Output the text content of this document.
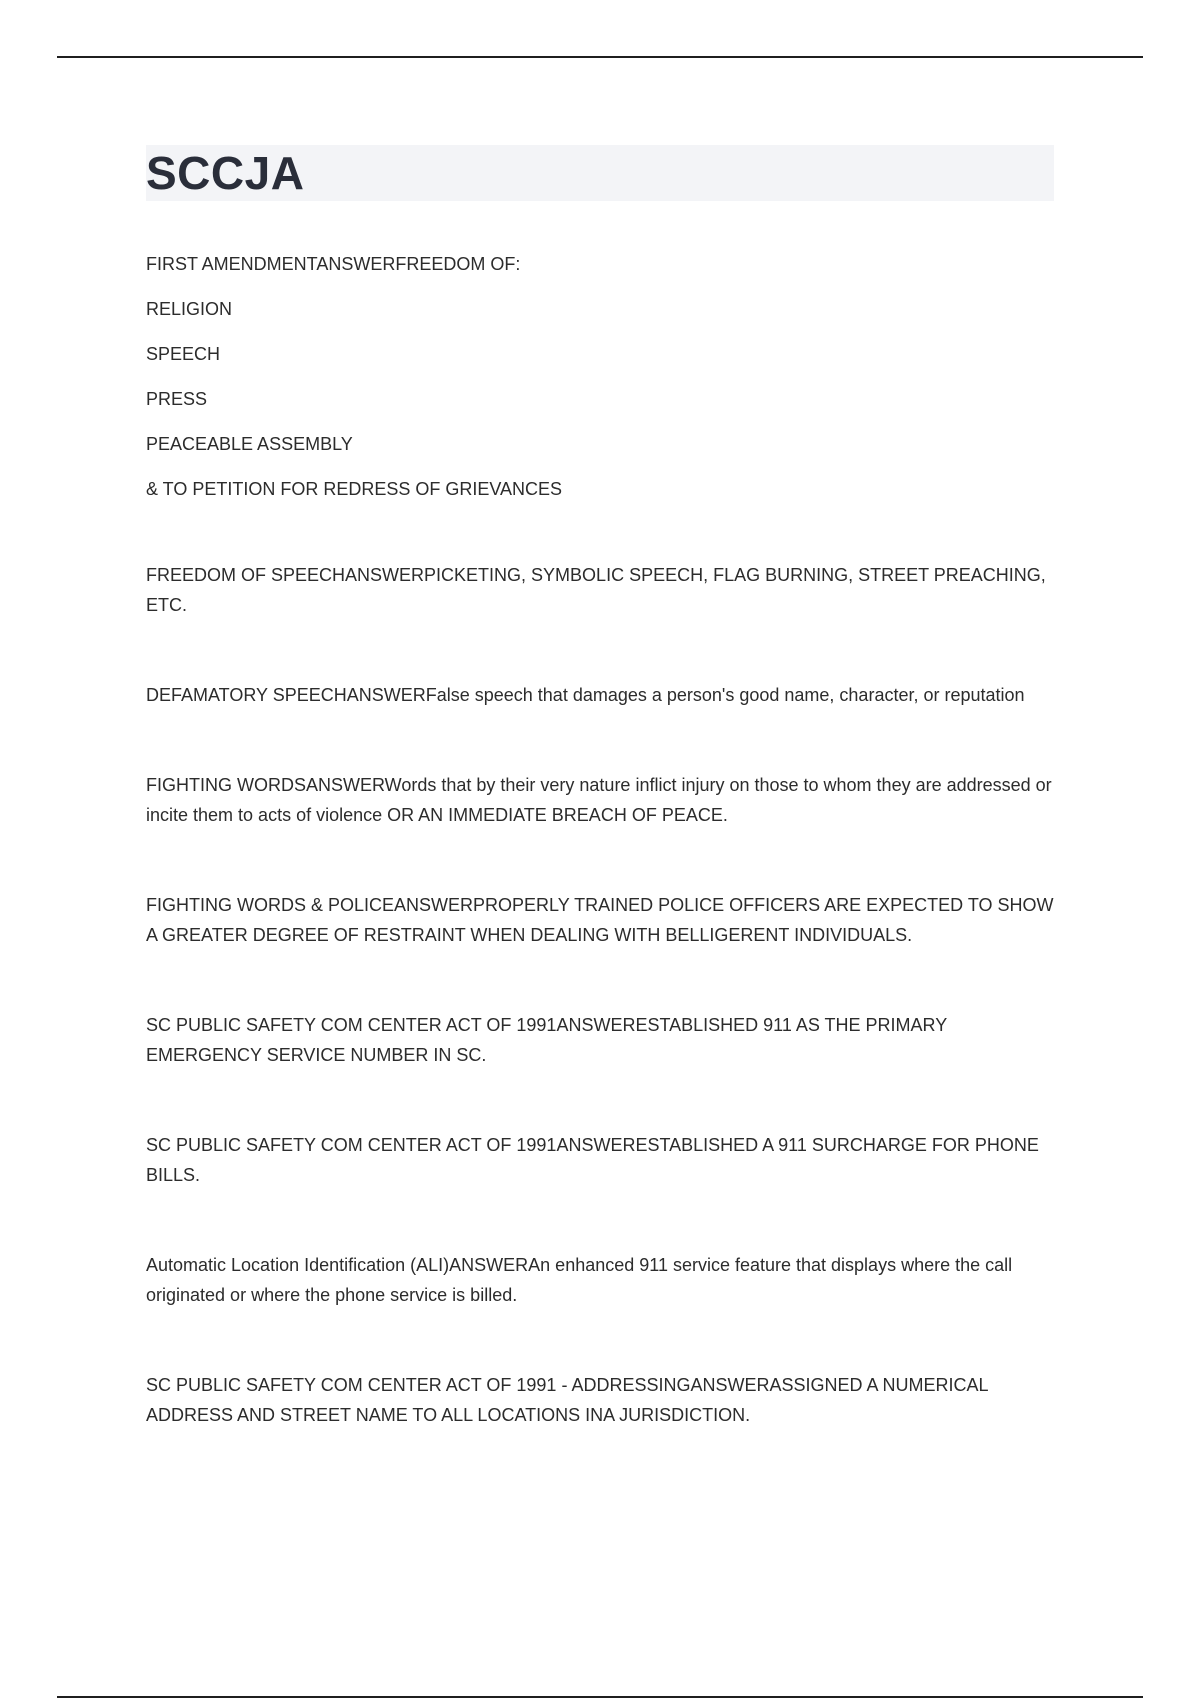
SCCJA
FIRST AMENDMENTANSWERFREEDOM OF:
RELIGION
SPEECH
PRESS
PEACEABLE ASSEMBLY
& TO PETITION FOR REDRESS OF GRIEVANCES
FREEDOM OF SPEECHANSWERPICKETING, SYMBOLIC SPEECH, FLAG BURNING, STREET PREACHING, ETC.
DEFAMATORY SPEECHANSWERFalse speech that damages a person's good name, character, or reputation
FIGHTING WORDSANSWERWords that by their very nature inflict injury on those to whom they are addressed or incite them to acts of violence OR AN IMMEDIATE BREACH OF PEACE.
FIGHTING WORDS & POLICEANSWERPROPERLY TRAINED POLICE OFFICERS ARE EXPECTED TO SHOW A GREATER DEGREE OF RESTRAINT WHEN DEALING WITH BELLIGERENT INDIVIDUALS.
SC PUBLIC SAFETY COM CENTER ACT OF 1991ANSWERESTABLISHED 911 AS THE PRIMARY EMERGENCY SERVICE NUMBER IN SC.
SC PUBLIC SAFETY COM CENTER ACT OF 1991ANSWERESTABLISHED A 911 SURCHARGE FOR PHONE BILLS.
Automatic Location Identification (ALI)ANSWERAn enhanced 911 service feature that displays where the call originated or where the phone service is billed.
SC PUBLIC SAFETY COM CENTER ACT OF 1991 - ADDRESSINGANSWERASSIGNED A NUMERICAL ADDRESS AND STREET NAME TO ALL LOCATIONS INA JURISDICTION.
